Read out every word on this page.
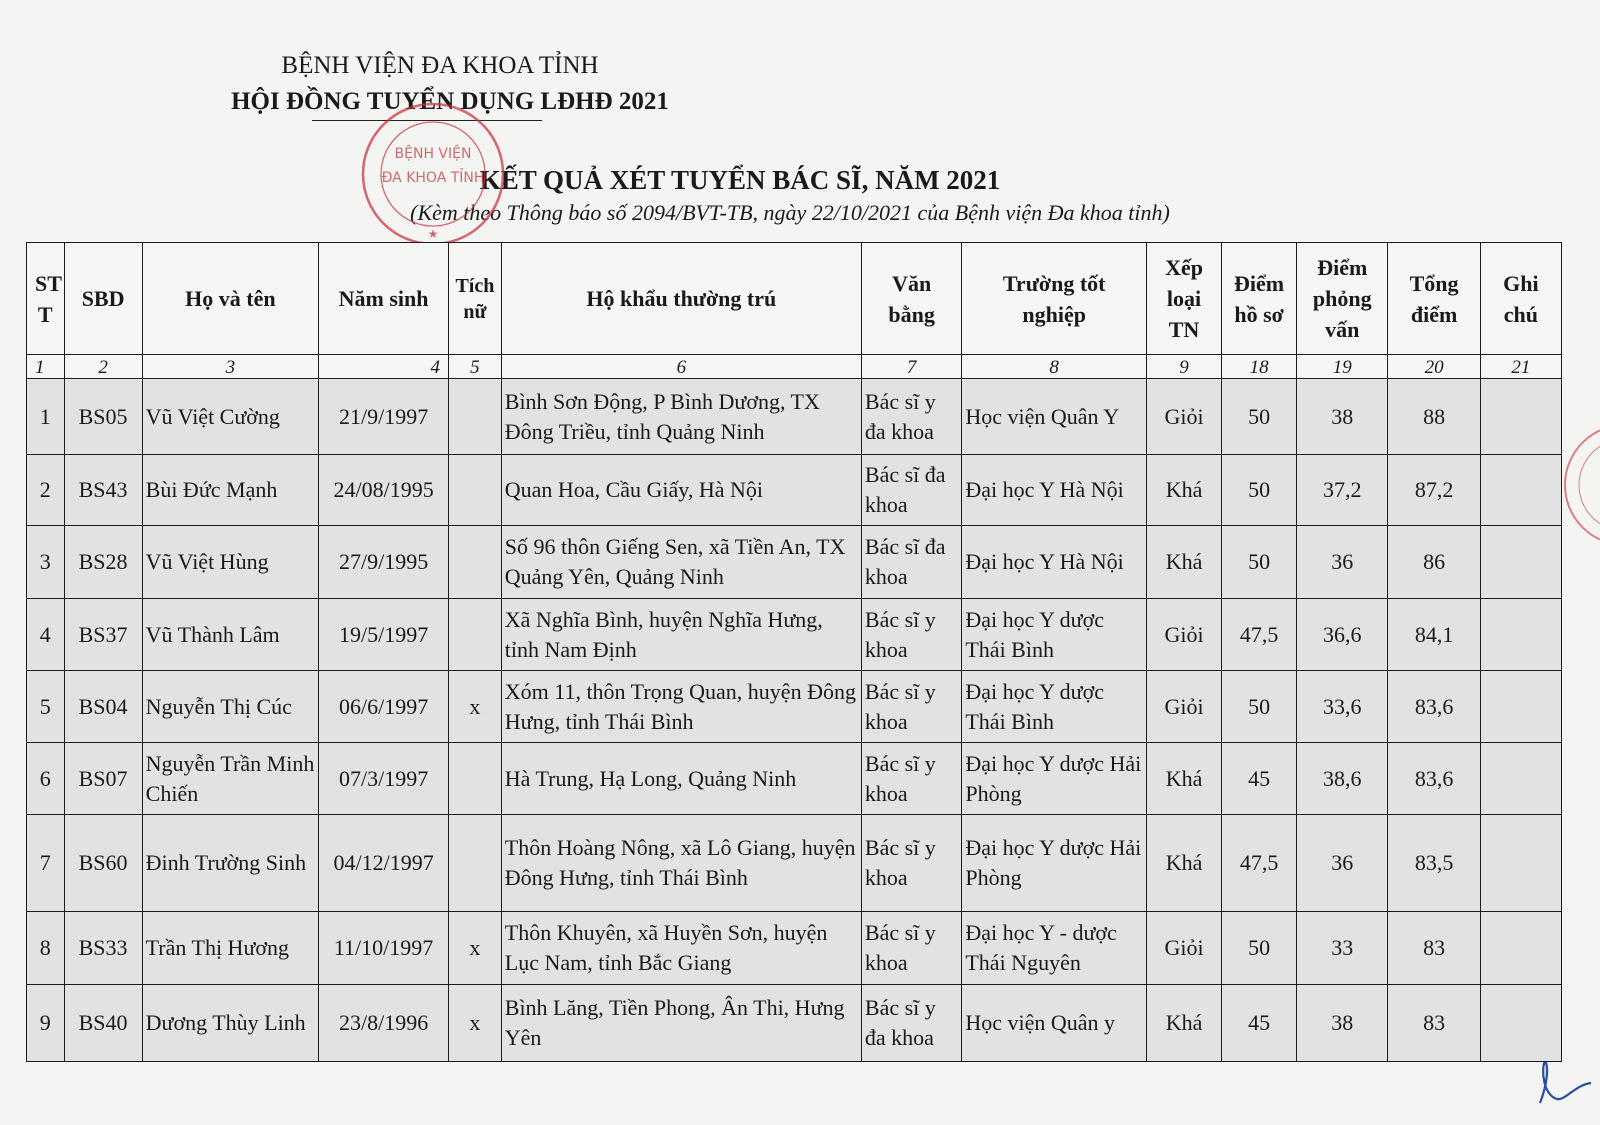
BỆNH VIỆN ĐA KHOA TỈNH
HỘI ĐỒNG TUYỂN DỤNG LĐHĐ 2021
KẾT QUẢ XÉT TUYỂN BÁC SĨ, NĂM 2021
(Kèm theo Thông báo số 2094/BVT-TB, ngày 22/10/2021 của Bệnh viện Đa khoa tỉnh)
BỆNH VIỆN
ĐA KHOA TỈNH
★
ST T	SBD	Họ và tên	Năm sinh	Tích nữ	Hộ khẩu thường trú	Văn bằng	Trường tốt nghiệp	Xếp loại TN	Điểm hồ sơ	Điểm phỏng vấn	Tổng điểm	Ghi chú
1	2	3	4	5	6	7	8	9	18	19	20	21
1	BS05	Vũ Việt Cường	21/9/1997		Bình Sơn Động, P Bình Dương, TX Đông Triều, tỉnh Quảng Ninh	Bác sĩ y đa khoa	Học viện Quân Y	Giỏi	50	38	88	
2	BS43	Bùi Đức Mạnh	24/08/1995		Quan Hoa, Cầu Giấy, Hà Nội	Bác sĩ đa khoa	Đại học Y Hà Nội	Khá	50	37,2	87,2	
3	BS28	Vũ Việt Hùng	27/9/1995		Số 96 thôn Giếng Sen, xã Tiền An, TX Quảng Yên, Quảng Ninh	Bác sĩ đa khoa	Đại học Y Hà Nội	Khá	50	36	86	
4	BS37	Vũ Thành Lâm	19/5/1997		Xã Nghĩa Bình, huyện Nghĩa Hưng, tỉnh Nam Định	Bác sĩ y khoa	Đại học Y dược Thái Bình	Giỏi	47,5	36,6	84,1	
5	BS04	Nguyễn Thị Cúc	06/6/1997	x	Xóm 11, thôn Trọng Quan, huyện Đông Hưng, tỉnh Thái Bình	Bác sĩ y khoa	Đại học Y dược Thái Bình	Giỏi	50	33,6	83,6	
6	BS07	Nguyễn Trần Minh Chiến	07/3/1997		Hà Trung, Hạ Long, Quảng Ninh	Bác sĩ y khoa	Đại học Y dược Hải Phòng	Khá	45	38,6	83,6	
7	BS60	Đinh Trường Sinh	04/12/1997		Thôn Hoàng Nông, xã Lô Giang, huyện Đông Hưng, tỉnh Thái Bình	Bác sĩ y khoa	Đại học Y dược Hải Phòng	Khá	47,5	36	83,5	
8	BS33	Trần Thị Hương	11/10/1997	x	Thôn Khuyên, xã Huyền Sơn, huyện Lục Nam, tỉnh Bắc Giang	Bác sĩ y khoa	Đại học Y - dược Thái Nguyên	Giỏi	50	33	83	
9	BS40	Dương Thùy Linh	23/8/1996	x	Bình Lăng, Tiền Phong, Ân Thi, Hưng Yên	Bác sĩ y đa khoa	Học viện Quân y	Khá	45	38	83	
